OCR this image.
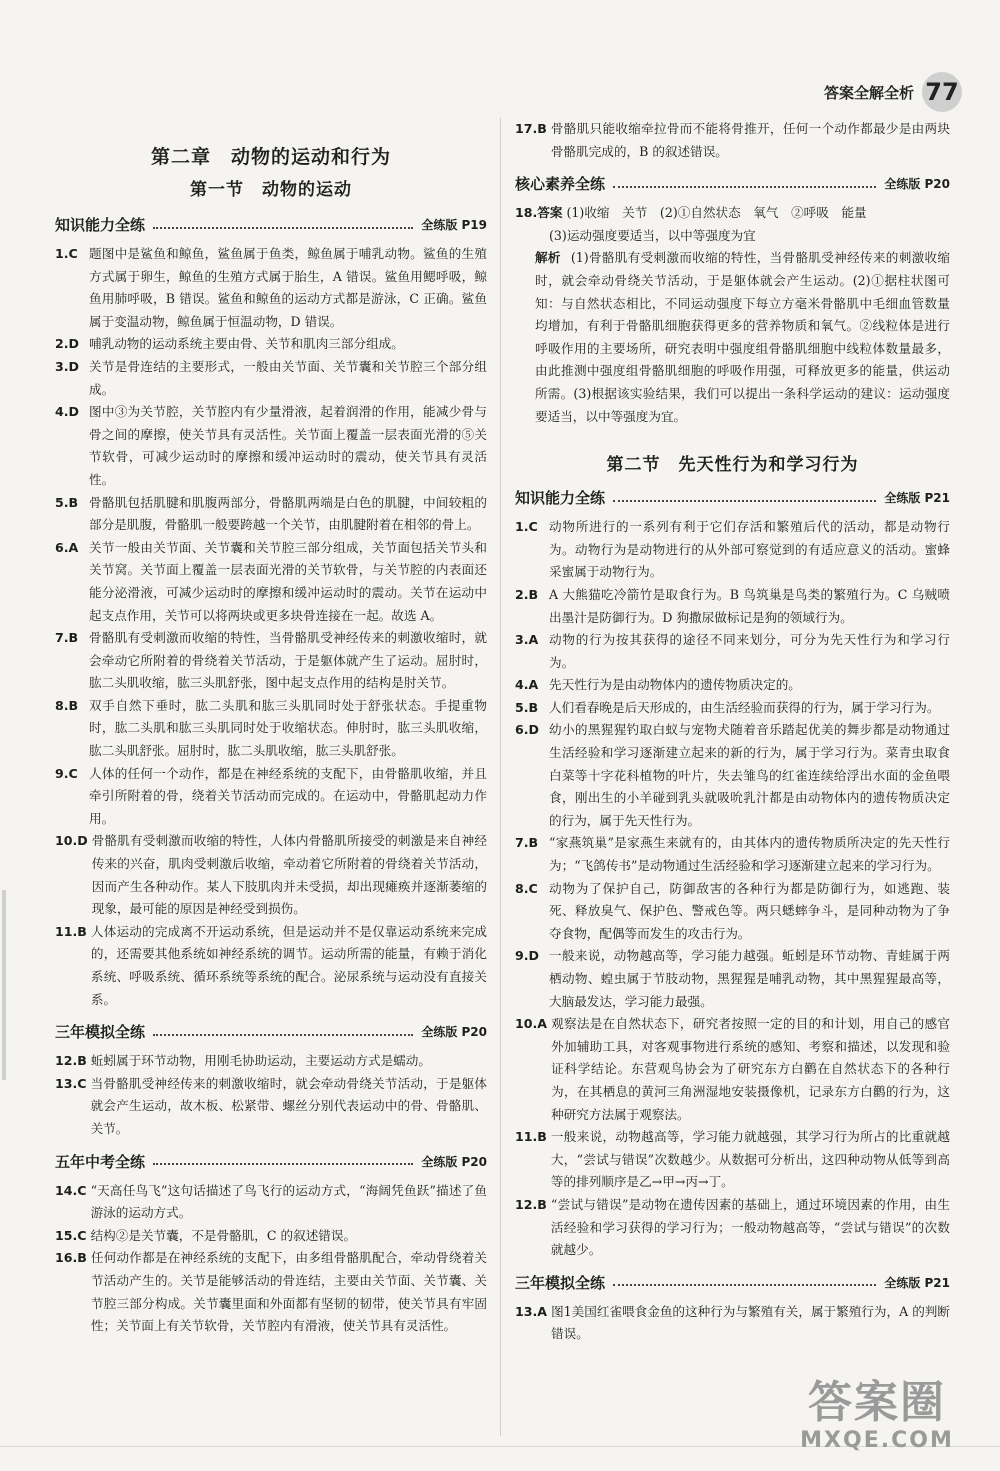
答案全解全析 77
第二章　动物的运动和行为
第一节　动物的运动
知识能力全练	全练版 P19
1.C 题图中是鲨鱼和鲸鱼，鲨鱼属于鱼类，鲸鱼属于哺乳动物。鲨鱼的生殖方式属于卵生，鲸鱼的生殖方式属于胎生，A 错误。鲨鱼用鳃呼吸，鲸鱼用肺呼吸，B 错误。鲨鱼和鲸鱼的运动方式都是游泳，C 正确。鲨鱼属于变温动物，鲸鱼属于恒温动物，D 错误。
2.D 哺乳动物的运动系统主要由骨、关节和肌肉三部分组成。
3.D 关节是骨连结的主要形式，一般由关节面、关节囊和关节腔三个部分组成。
4.D 图中③为关节腔，关节腔内有少量滑液，起着润滑的作用，能减少骨与骨之间的摩擦，使关节具有灵活性。关节面上覆盖一层表面光滑的⑤关节软骨，可减少运动时的摩擦和缓冲运动时的震动，使关节具有灵活性。
5.B 骨骼肌包括肌腱和肌腹两部分，骨骼肌两端是白色的肌腱，中间较粗的部分是肌腹，骨骼肌一般要跨越一个关节，由肌腱附着在相邻的骨上。
6.A 关节一般由关节面、关节囊和关节腔三部分组成，关节面包括关节头和关节窝。关节面上覆盖一层表面光滑的关节软骨，与关节腔的内表面还能分泌滑液，可减少运动时的摩擦和缓冲运动时的震动。关节在运动中起支点作用，关节可以将两块或更多块骨连接在一起。故选 A。
7.B 骨骼肌有受刺激而收缩的特性，当骨骼肌受神经传来的刺激收缩时，就会牵动它所附着的骨绕着关节活动，于是躯体就产生了运动。屈肘时，肱二头肌收缩，肱三头肌舒张，图中起支点作用的结构是肘关节。
8.B 双手自然下垂时，肱二头肌和肱三头肌同时处于舒张状态。手提重物时，肱二头肌和肱三头肌同时处于收缩状态。伸肘时，肱三头肌收缩，肱二头肌舒张。屈肘时，肱二头肌收缩，肱三头肌舒张。
9.C 人体的任何一个动作，都是在神经系统的支配下，由骨骼肌收缩，并且牵引所附着的骨，绕着关节活动而完成的。在运动中，骨骼肌起动力作用。
10.D 骨骼肌有受刺激而收缩的特性，人体内骨骼肌所接受的刺激是来自神经传来的兴奋，肌肉受刺激后收缩，牵动着它所附着的骨绕着关节活动，因而产生各种动作。某人下肢肌肉并未受损，却出现瘫痪并逐渐萎缩的现象，最可能的原因是神经受到损伤。
11.B 人体运动的完成离不开运动系统，但是运动并不是仅靠运动系统来完成的，还需要其他系统如神经系统的调节。运动所需的能量，有赖于消化系统、呼吸系统、循环系统等系统的配合。泌尿系统与运动没有直接关系。
三年模拟全练	全练版 P20
12.B 蚯蚓属于环节动物，用刚毛协助运动，主要运动方式是蠕动。
13.C 当骨骼肌受神经传来的刺激收缩时，就会牵动骨绕关节活动，于是躯体就会产生运动，故木板、松紧带、螺丝分别代表运动中的骨、骨骼肌、关节。
五年中考全练	全练版 P20
14.C “天高任鸟飞”这句话描述了鸟飞行的运动方式，“海阔凭鱼跃”描述了鱼游泳的运动方式。
15.C 结构②是关节囊，不是骨骼肌，C 的叙述错误。
16.B 任何动作都是在神经系统的支配下，由多组骨骼肌配合，牵动骨绕着关节活动产生的。关节是能够活动的骨连结，主要由关节面、关节囊、关节腔三部分构成。关节囊里面和外面都有坚韧的韧带，使关节具有牢固性；关节面上有关节软骨，关节腔内有滑液，使关节具有灵活性。
17.B 骨骼肌只能收缩牵拉骨而不能将骨推开，任何一个动作都最少是由两块骨骼肌完成的，B 的叙述错误。
核心素养全练	全练版 P20
18.答案 (1)收缩　关节　(2)①自然状态　氧气　②呼吸　能量
(3)运动强度要适当，以中等强度为宜
解析 (1)骨骼肌有受刺激而收缩的特性，当骨骼肌受神经传来的刺激收缩时，就会牵动骨绕关节活动，于是躯体就会产生运动。(2)①据柱状图可知：与自然状态相比，不同运动强度下每立方毫米骨骼肌中毛细血管数量均增加，有利于骨骼肌细胞获得更多的营养物质和氧气。②线粒体是进行呼吸作用的主要场所，研究表明中强度组骨骼肌细胞中线粒体数量最多，由此推测中强度组骨骼肌细胞的呼吸作用强，可释放更多的能量，供运动所需。(3)根据该实验结果，我们可以提出一条科学运动的建议：运动强度要适当，以中等强度为宜。
第二节　先天性行为和学习行为
知识能力全练	全练版 P21
1.C 动物所进行的一系列有利于它们存活和繁殖后代的活动，都是动物行为。动物行为是动物进行的从外部可察觉到的有适应意义的活动。蜜蜂采蜜属于动物行为。
2.B A 大熊猫吃冷箭竹是取食行为。B 鸟筑巢是鸟类的繁殖行为。C 乌贼喷出墨汁是防御行为。D 狗撒尿做标记是狗的领域行为。
3.A 动物的行为按其获得的途径不同来划分，可分为先天性行为和学习行为。
4.A 先天性行为是由动物体内的遗传物质决定的。
5.B 人们看春晚是后天形成的，由生活经验而获得的行为，属于学习行为。
6.D 幼小的黑猩猩钓取白蚁与宠物犬随着音乐踏起优美的舞步都是动物通过生活经验和学习逐渐建立起来的新的行为，属于学习行为。菜青虫取食白菜等十字花科植物的叶片，失去雏鸟的红雀连续给浮出水面的金鱼喂食，刚出生的小羊碰到乳头就吸吮乳汁都是由动物体内的遗传物质决定的行为，属于先天性行为。
7.B “家燕筑巢”是家燕生来就有的，由其体内的遗传物质所决定的先天性行为；“飞鸽传书”是动物通过生活经验和学习逐渐建立起来的学习行为。
8.C 动物为了保护自己，防御敌害的各种行为都是防御行为，如逃跑、装死、释放臭气、保护色、警戒色等。两只蟋蟀争斗，是同种动物为了争夺食物，配偶等而发生的攻击行为。
9.D 一般来说，动物越高等，学习能力越强。蚯蚓是环节动物、青蛙属于两栖动物、蝗虫属于节肢动物，黑猩猩是哺乳动物，其中黑猩猩最高等，大脑最发达，学习能力最强。
10.A 观察法是在自然状态下，研究者按照一定的目的和计划，用自己的感官外加辅助工具，对客观事物进行系统的感知、考察和描述，以发现和验证科学结论。东营观鸟协会为了研究东方白鹳在自然状态下的各种行为，在其栖息的黄河三角洲湿地安装摄像机，记录东方白鹳的行为，这种研究方法属于观察法。
11.B 一般来说，动物越高等，学习能力就越强，其学习行为所占的比重就越大，“尝试与错误”次数越少。从数据可分析出，这四种动物从低等到高等的排列顺序是乙→甲→丙→丁。
12.B “尝试与错误”是动物在遗传因素的基础上，通过环境因素的作用，由生活经验和学习获得的学习行为；一般动物越高等，“尝试与错误”的次数就越少。
三年模拟全练	全练版 P21
13.A 图1美国红雀喂食金鱼的这种行为与繁殖有关，属于繁殖行为，A 的判断错误。
答案圈
MXQE.COM
